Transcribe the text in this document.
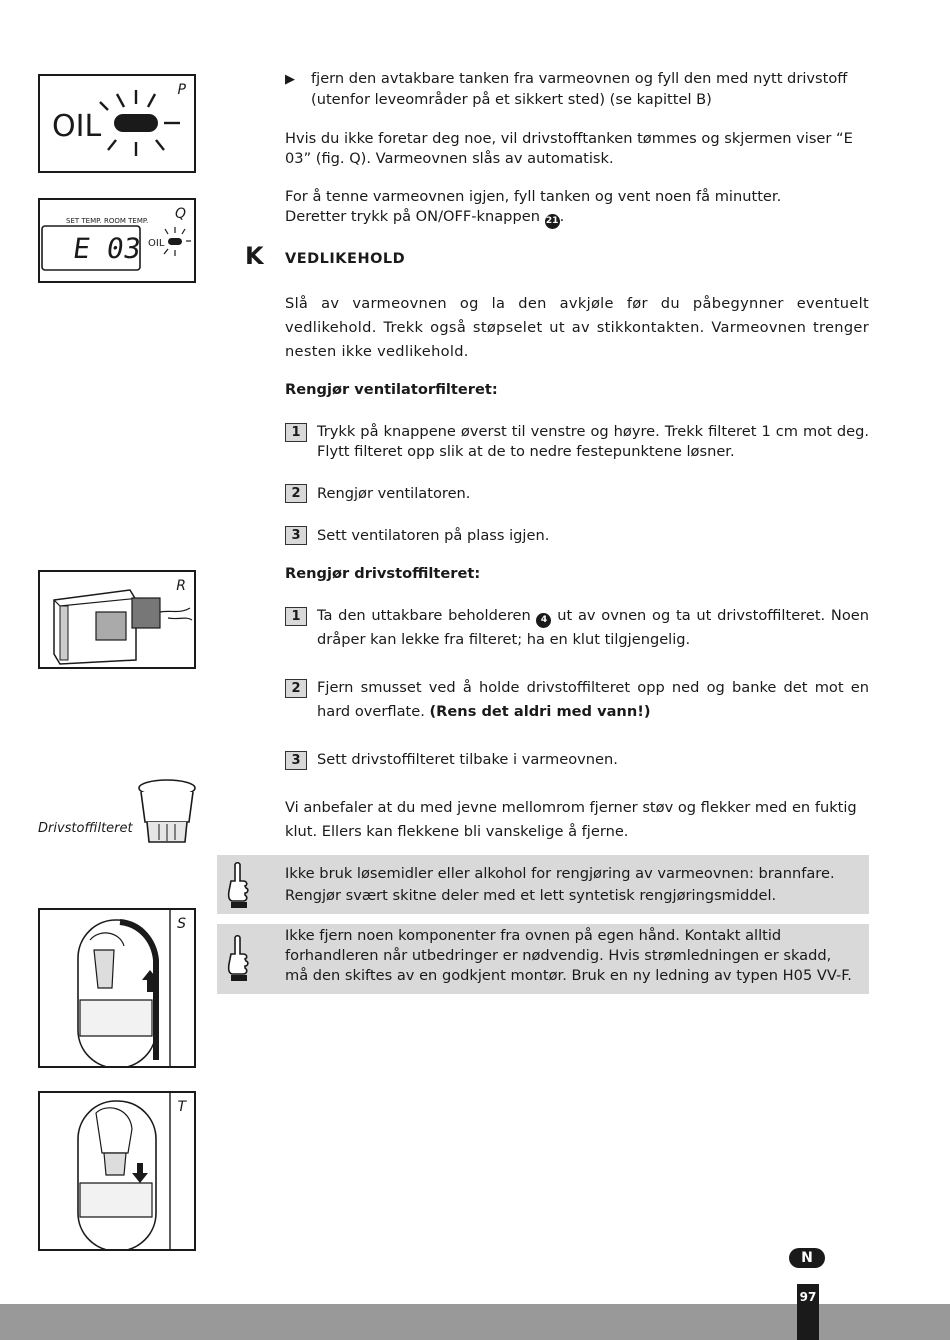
P
OIL
Q
SET TEMP. ROOM TEMP.
E 03 OIL
R
Drivstoffilteret
S
T
▶ fjern den avtakbare tanken fra varmeovnen og fyll den med nytt drivstoff
(utenfor leveområder på et sikkert sted) (se kapittel B)
Hvis du ikke foretar deg noe, vil drivstofftanken tømmes og skjermen viser “E
03” (fig. Q). Varmeovnen slås av automatisk.
For å tenne varmeovnen igjen, fyll tanken og vent noen få minutter.
Deretter trykk på ON/OFF-knappen 21.
K VEDLIKEHOLD
Slå av varmeovnen og la den avkjøle før du påbegynner eventuelt vedlikehold. Trekk også støpselet ut av stikkontakten. Varmeovnen trenger nesten ikke vedlikehold.
Rengjør ventilatorfilteret:
1	Trykk på knappene øverst til venstre og høyre. Trekk filteret 1 cm mot deg. Flytt filteret opp slik at de to nedre festepunktene løsner.
2	Rengjør ventilatoren.
3	Sett ventilatoren på plass igjen.
Rengjør drivstoffilteret:
1	Ta den uttakbare beholderen 4 ut av ovnen og ta ut drivstoffilteret. Noen dråper kan lekke fra filteret; ha en klut tilgjengelig.
2	Fjern smusset ved å holde drivstoffilteret opp ned og banke det mot en hard overflate. (Rens det aldri med vann!)
3	Sett drivstoffilteret tilbake i varmeovnen.
Vi anbefaler at du med jevne mellomrom fjerner støv og flekker med en fuktig klut. Ellers kan flekkene bli vanskelige å fjerne.
Ikke bruk løsemidler eller alkohol for rengjøring av varmeovnen: brannfare. Rengjør svært skitne deler med et lett syntetisk rengjøringsmiddel.
Ikke fjern noen komponenter fra ovnen på egen hånd. Kontakt alltid forhandleren når utbedringer er nødvendig. Hvis strømledningen er skadd, må den skiftes av en godkjent montør. Bruk en ny ledning av typen H05 VV-F.
N
97
